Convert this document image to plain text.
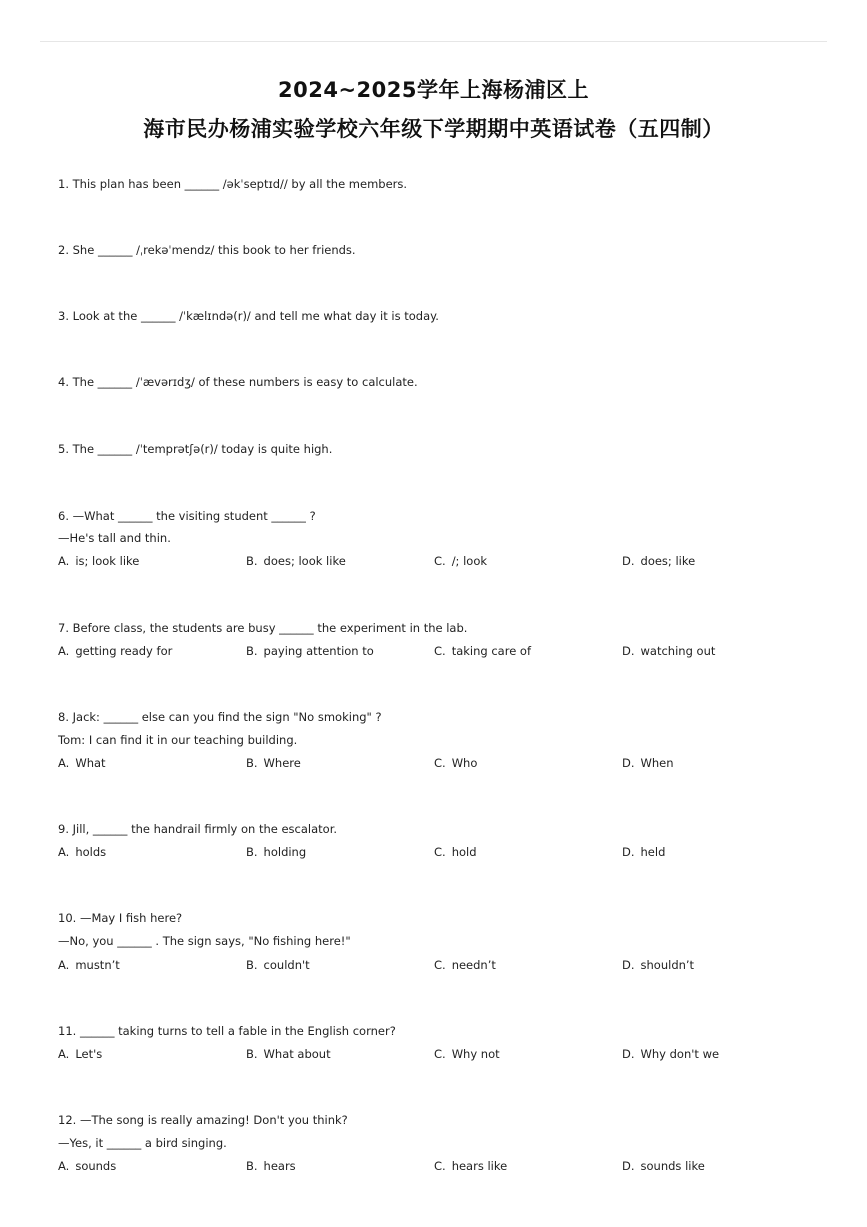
2024~2025学年上海杨浦区上
海市民办杨浦实验学校六年级下学期期中英语试卷（五四制）
1. This plan has been ______ /əkˈseptɪd// by all the members.
2. She ______ /ˌrekəˈmendz/ this book to her friends.
3. Look at the ______ /ˈkælɪndə(r)/ and tell me what day it is today.
4. The ______ /ˈævərɪdʒ/ of these numbers is easy to calculate.
5. The ______ /ˈtemprətʃə(r)/ today is quite high.
6. —What ______ the visiting student ______ ?
—He's tall and thin.
A. is; look like	B. does; look like	C. /; look	D. does; like
7. Before class, the students are busy ______ the experiment in the lab.
A. getting ready for	B. paying attention to	C. taking care of	D. watching out
8. Jack: ______ else can you find the sign "No smoking" ?
Tom: I can find it in our teaching building.
A. What	B. Where	C. Who	D. When
9. Jill, ______ the handrail firmly on the escalator.
A. holds	B. holding	C. hold	D. held
10. —May I fish here?
—No, you ______ . The sign says, "No fishing here!"
A. mustn’t	B. couldn't	C. needn’t	D. shouldn’t
11. ______ taking turns to tell a fable in the English corner?
A. Let's	B. What about	C. Why not	D. Why don't we
12. —The song is really amazing! Don't you think?
—Yes, it ______ a bird singing.
A. sounds	B. hears	C. hears like	D. sounds like
